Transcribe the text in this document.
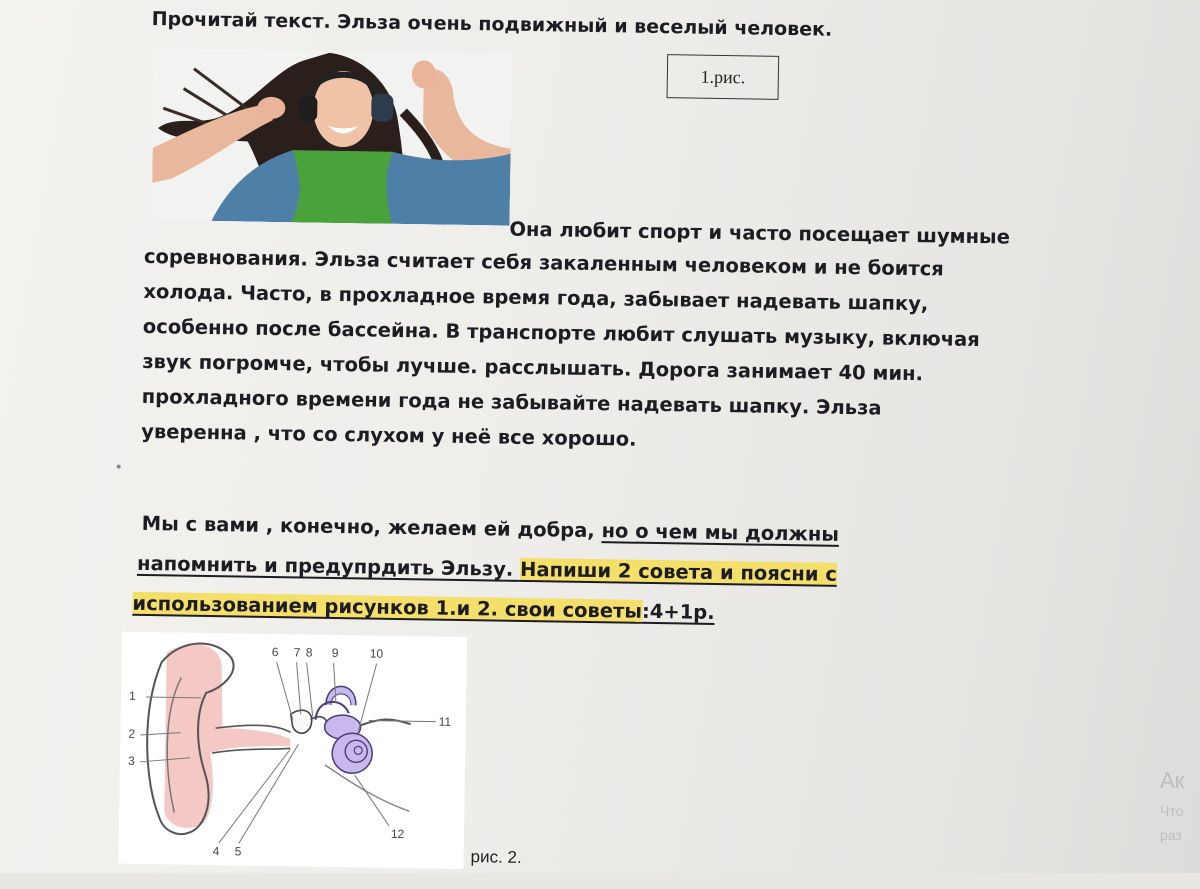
Прочитай текст. Эльза очень подвижный и веселый человек.
1.рис.
Она любит спорт и часто посещает шумные
соревнования. Эльза считает себя закаленным человеком и не боится
холода. Часто, в прохладное время года, забывает надевать шапку,
особенно после бассейна. В транспорте любит слушать музыку, включая
звук погромче, чтобы лучше. расслышать. Дорога занимает 40 мин.
прохладного времени года не забывайте надевать шапку. Эльза
уверенна , что со слухом у неё все хорошо.
Мы с вами , конечно, желаем ей добра, но о чем мы должны
напомнить и предупрдить Эльзу. Напиши 2 совета и поясни с
использованием рисунков 1.и 2. свои советы:4+1р.
1
2
3
4 5
6 7 8 9	10
11
12
рис. 2.
Ак
Что
раз
